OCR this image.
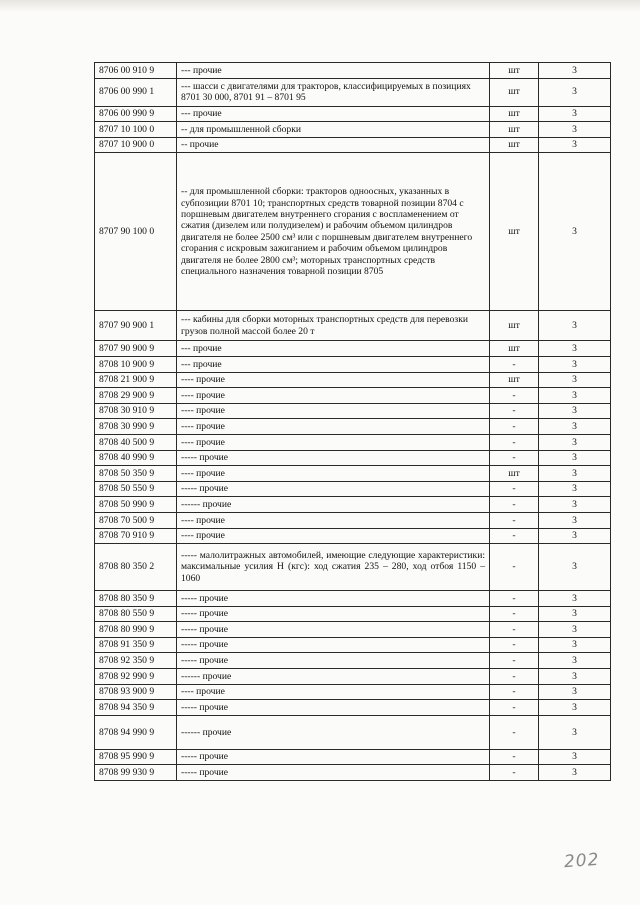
8706 00 910 9	--- прочие	шт	3
8706 00 990 1	--- шасси с двигателями для тракторов, классифицируемых в позициях 8701 30 000, 8701 91 – 8701 95	шт	3
8706 00 990 9	--- прочие	шт	3
8707 10 100 0	-- для промышленной сборки	шт	3
8707 10 900 0	-- прочие	шт	3
8707 90 100 0	-- для промышленной сборки: тракторов одноосных, указанных в субпозиции 8701 10; транспортных средств товарной позиции 8704 с поршневым двигателем внутреннего сгорания с воспламенением от сжатия (дизелем или полудизелем) и рабочим объемом цилиндров двигателя не более 2500 см³ или с поршневым двигателем внутреннего сгорания с искровым зажиганием и рабочим объемом цилиндров двигателя не более 2800 см³; моторных транспортных средств специального назначения товарной позиции 8705	шт	3
8707 90 900 1	--- кабины для сборки моторных транспортных средств для перевозки грузов полной массой более 20 т	шт	3
8707 90 900 9	--- прочие	шт	3
8708 10 900 9	--- прочие	-	3
8708 21 900 9	---- прочие	шт	3
8708 29 900 9	---- прочие	-	3
8708 30 910 9	---- прочие	-	3
8708 30 990 9	---- прочие	-	3
8708 40 500 9	---- прочие	-	3
8708 40 990 9	----- прочие	-	3
8708 50 350 9	---- прочие	шт	3
8708 50 550 9	----- прочие	-	3
8708 50 990 9	------ прочие	-	3
8708 70 500 9	---- прочие	-	3
8708 70 910 9	---- прочие	-	3
8708 80 350 2	----- малолитражных автомобилей, имеющие следующие характеристики: максимальные усилия Н (кгс): ход сжатия 235 – 280, ход отбоя 1150 – 1060	-	3
8708 80 350 9	----- прочие	-	3
8708 80 550 9	----- прочие	-	3
8708 80 990 9	----- прочие	-	3
8708 91 350 9	----- прочие	-	3
8708 92 350 9	----- прочие	-	3
8708 92 990 9	------ прочие	-	3
8708 93 900 9	---- прочие	-	3
8708 94 350 9	----- прочие	-	3
8708 94 990 9	------ прочие	-	3
8708 95 990 9	----- прочие	-	3
8708 99 930 9	----- прочие	-	3
202
